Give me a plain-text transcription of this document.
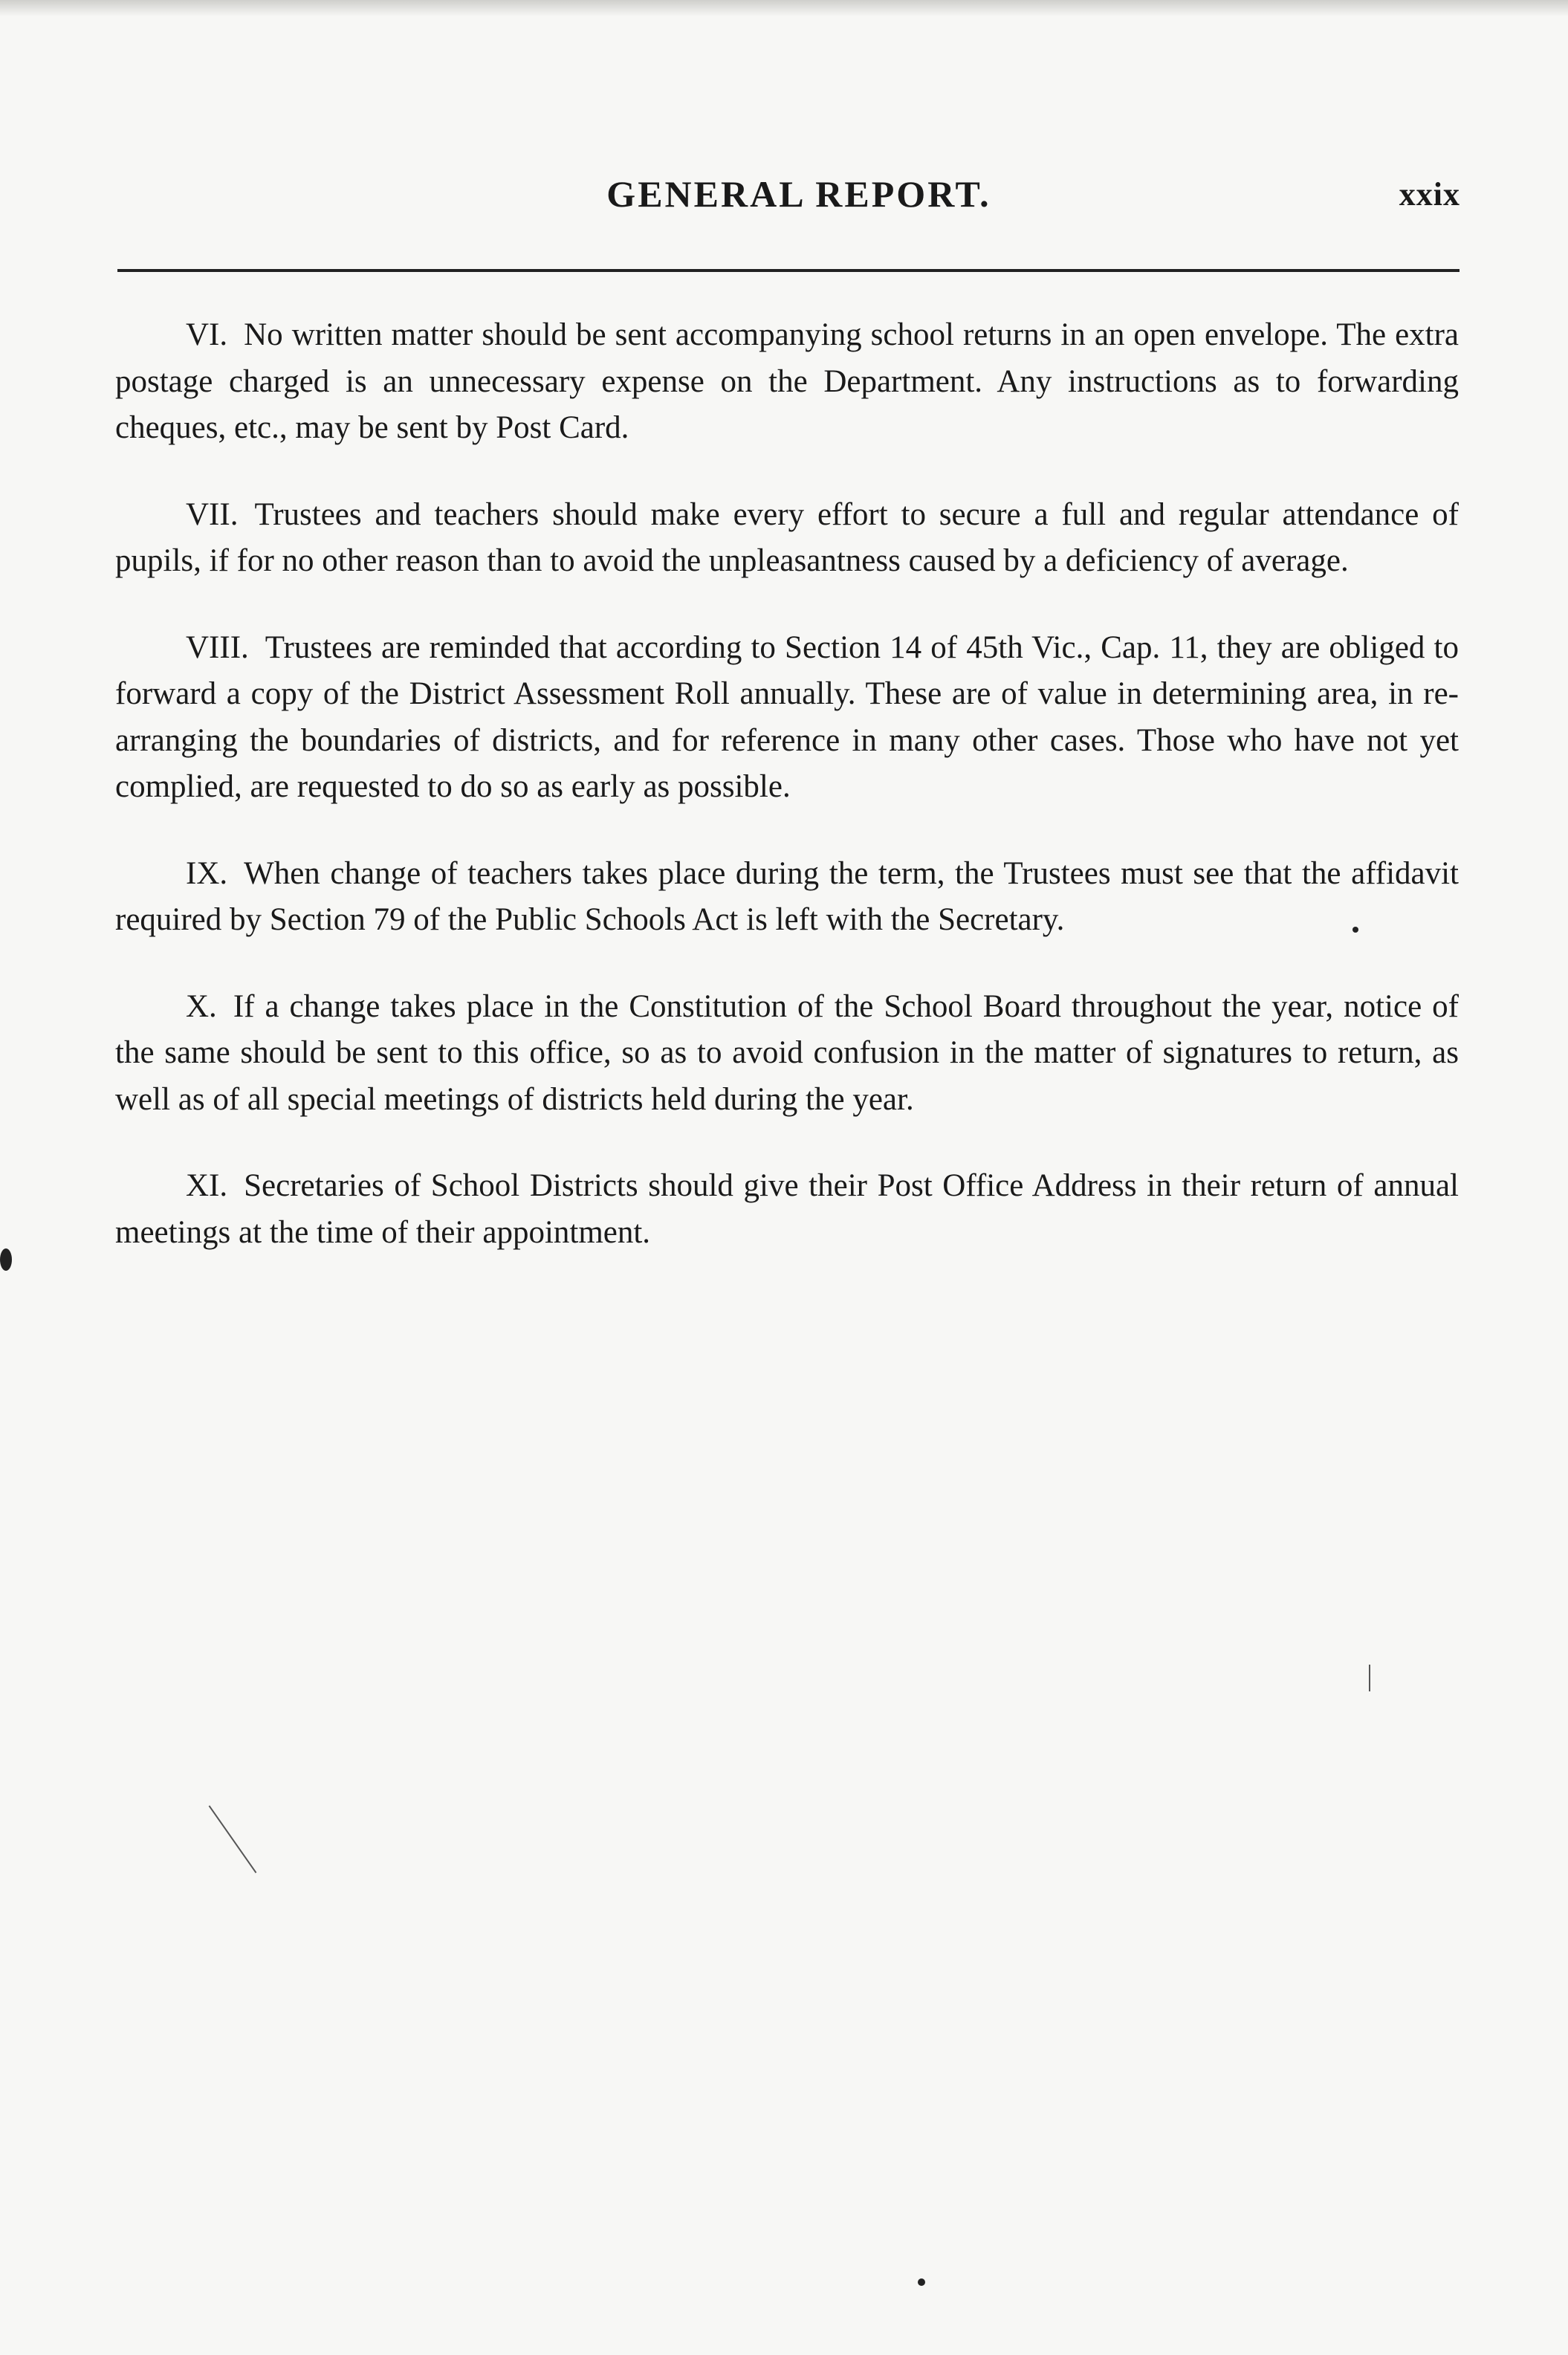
GENERAL REPORT.	xxix

VI. No written matter should be sent accompanying school returns in an open envelope. The extra postage charged is an unnecessary expense on the Department. Any instructions as to forwarding cheques, etc., may be sent by Post Card.

VII. Trustees and teachers should make every effort to secure a full and regular attendance of pupils, if for no other reason than to avoid the unpleasantness caused by a deficiency of average.

VIII. Trustees are reminded that according to Section 14 of 45th Vic., Cap. 11, they are obliged to forward a copy of the District Assessment Roll annually. These are of value in determining area, in re-arranging the boundaries of districts, and for reference in many other cases. Those who have not yet complied, are requested to do so as early as possible.

IX. When change of teachers takes place during the term, the Trustees must see that the affidavit required by Section 79 of the Public Schools Act is left with the Secretary.

X. If a change takes place in the Constitution of the School Board throughout the year, notice of the same should be sent to this office, so as to avoid confusion in the matter of signatures to return, as well as of all special meetings of districts held during the year.

XI. Secretaries of School Districts should give their Post Office Address in their return of annual meetings at the time of their appointment.
